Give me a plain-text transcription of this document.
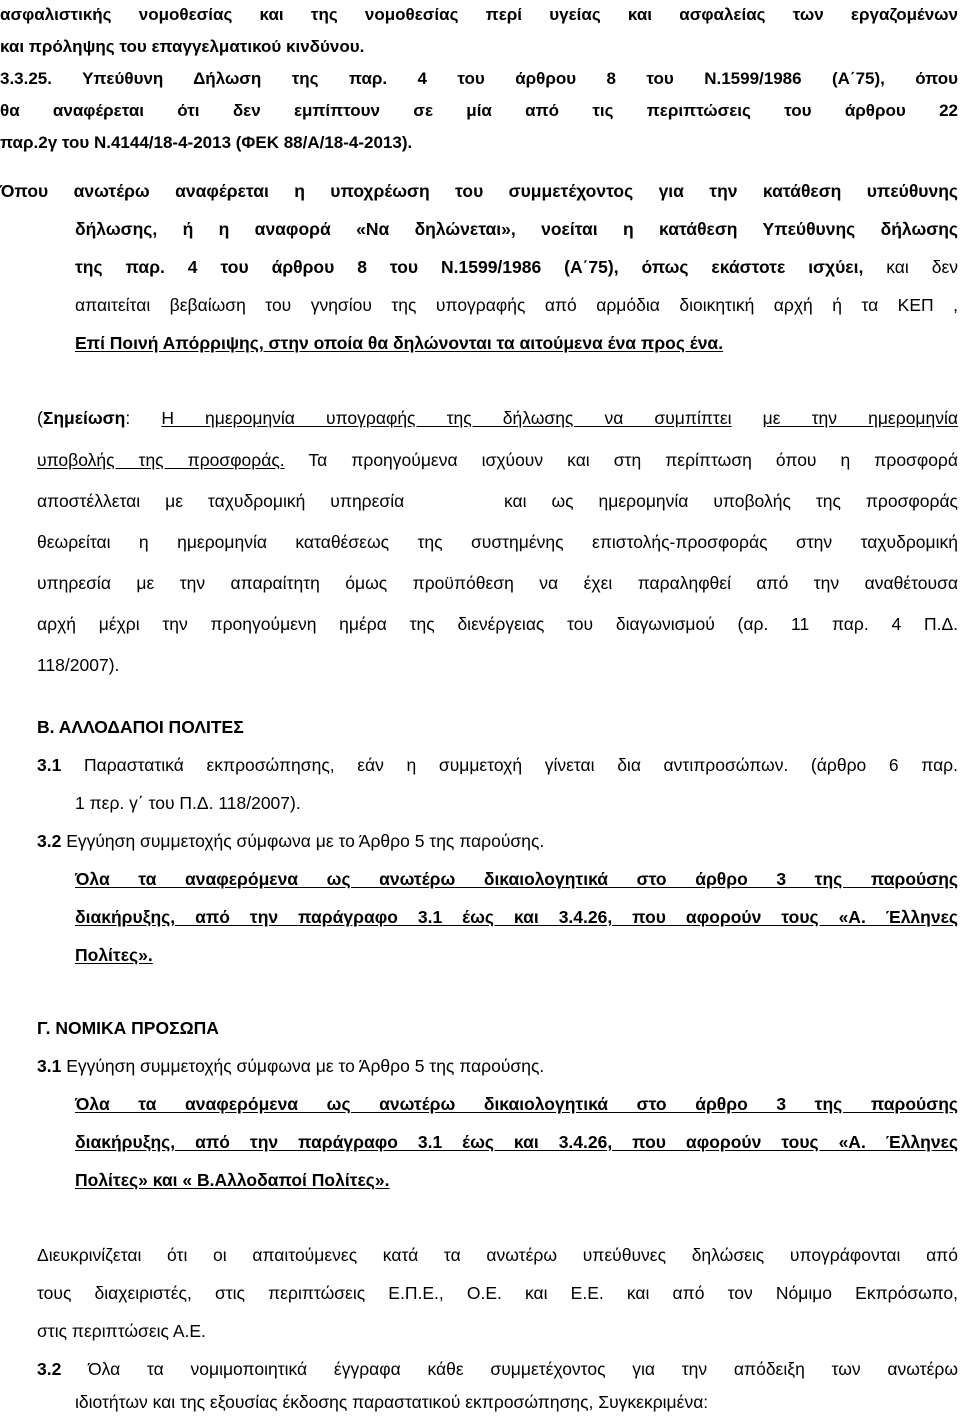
ασφαλιστικής νομοθεσίας και της νομοθεσίας περί υγείας και ασφαλείας των εργαζομένων
και πρόληψης του επαγγελματικού κινδύνου.
3.3.25. Υπεύθυνη Δήλωση της παρ. 4 του άρθρου 8 του Ν.1599/1986 (Α΄75), όπου
θα αναφέρεται ότι δεν εμπίπτουν σε μία από τις περιπτώσεις του άρθρου 22
παρ.2γ του Ν.4144/18-4-2013 (ΦΕΚ 88/Α/18-4-2013).
Όπου ανωτέρω αναφέρεται η υποχρέωση του συμμετέχοντος για την κατάθεση υπεύθυνης
δήλωσης, ή η αναφορά «Να δηλώνεται», νοείται η κατάθεση Υπεύθυνης δήλωσης
της παρ. 4 του άρθρου 8 του Ν.1599/1986 (Α΄75), όπως εκάστοτε ισχύει, και δεν
απαιτείται βεβαίωση του γνησίου της υπογραφής από αρμόδια διοικητική αρχή ή τα ΚΕΠ ,
Επί Ποινή Απόρριψης, στην οποία θα δηλώνονται τα αιτούμενα ένα προς ένα.
(Σημείωση: Η ημερομηνία υπογραφής της δήλωσης να συμπίπτει με την ημερομηνία
υποβολής της προσφοράς. Τα προηγούμενα ισχύουν και στη περίπτωση όπου η προσφορά
αποστέλλεται με ταχυδρομική υπηρεσία    και ως ημερομηνία υποβολής της προσφοράς
θεωρείται η ημερομηνία καταθέσεως της συστημένης επιστολής-προσφοράς στην ταχυδρομική
υπηρεσία με την απαραίτητη όμως προϋπόθεση να έχει παραληφθεί από την αναθέτουσα
αρχή μέχρι την προηγούμενη ημέρα της διενέργειας του διαγωνισμού (αρ. 11 παρ. 4 Π.Δ.
118/2007).
Β. ΑΛΛΟΔΑΠΟΙ ΠΟΛΙΤΕΣ
3.1 Παραστατικά εκπροσώπησης, εάν η συμμετοχή γίνεται δια αντιπροσώπων. (άρθρο 6 παρ.
1 περ. γ΄ του Π.Δ. 118/2007).
3.2 Εγγύηση συμμετοχής σύμφωνα με το Άρθρο 5 της παρούσης.
Όλα τα αναφερόμενα ως ανωτέρω δικαιολογητικά στο άρθρο 3 της παρούσης
διακήρυξης, από την παράγραφο 3.1 έως και 3.4.26, που αφορούν τους «Α. Έλληνες
Πολίτες».
Γ. ΝΟΜΙΚΑ ΠΡΟΣΩΠΑ
3.1 Εγγύηση συμμετοχής σύμφωνα με το Άρθρο 5 της παρούσης.
Όλα τα αναφερόμενα ως ανωτέρω δικαιολογητικά στο άρθρο 3 της παρούσης
διακήρυξης, από την παράγραφο 3.1 έως και 3.4.26, που αφορούν τους «Α. Έλληνες
Πολίτες» και « Β.Αλλοδαποί Πολίτες».
Διευκρινίζεται ότι οι απαιτούμενες κατά τα ανωτέρω υπεύθυνες δηλώσεις υπογράφονται από
τους διαχειριστές, στις περιπτώσεις Ε.Π.Ε., Ο.Ε. και Ε.Ε. και από τον Νόμιμο Εκπρόσωπο,
στις περιπτώσεις Α.Ε.
3.2 Όλα τα νομιμοποιητικά έγγραφα κάθε συμμετέχοντος για την απόδειξη των ανωτέρω
ιδιοτήτων και της εξουσίας έκδοσης παραστατικού εκπροσώπησης, Συγκεκριμένα:
